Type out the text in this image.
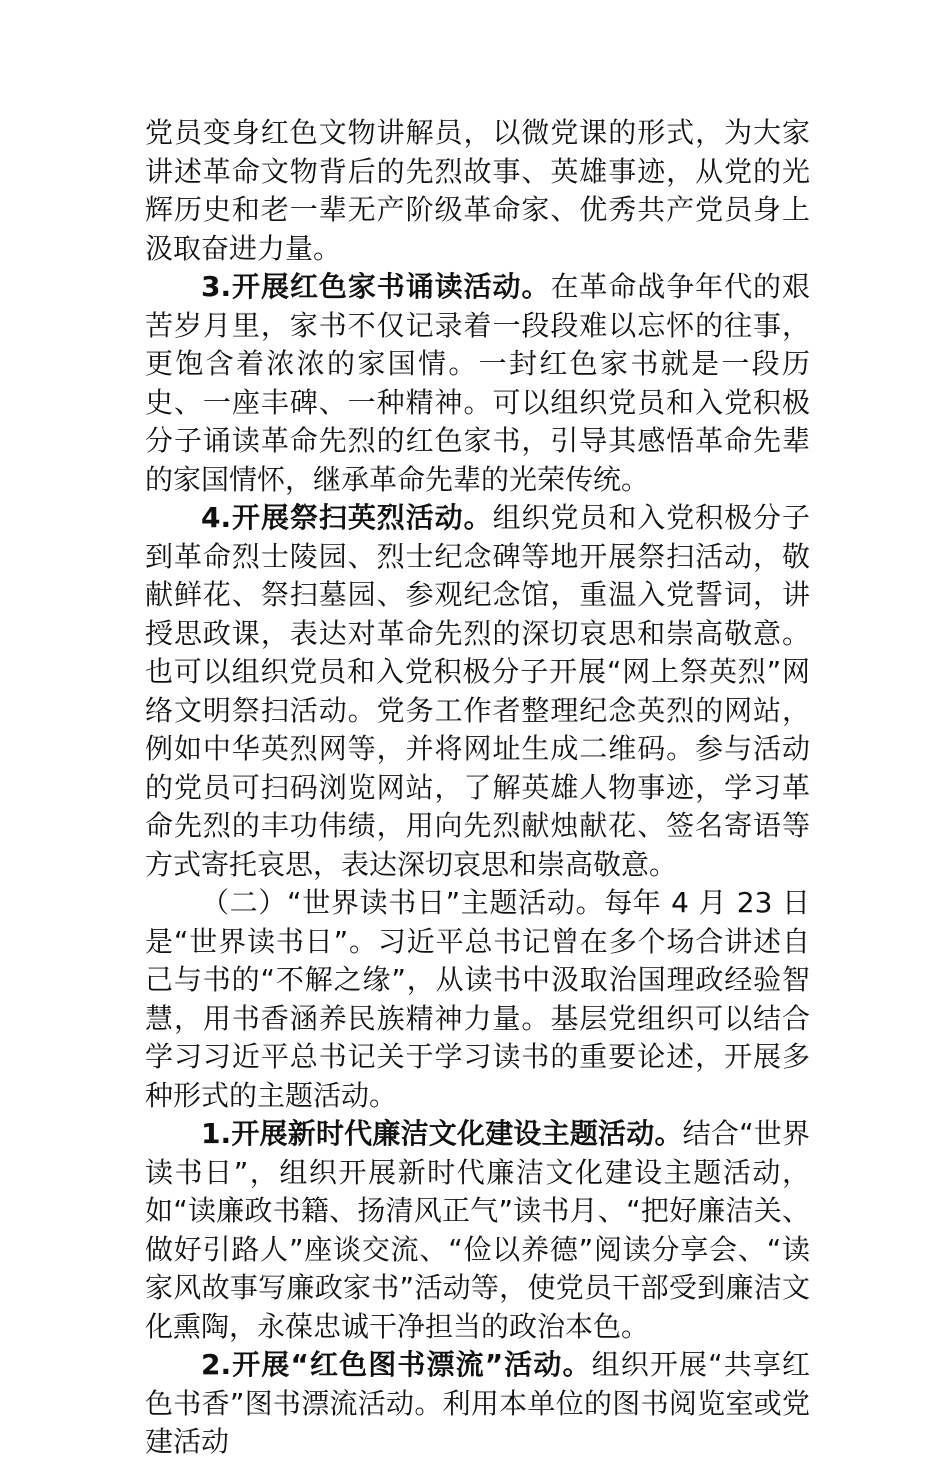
党员变身红色文物讲解员，以微党课的形式，为大家讲述革命文物背后的先烈故事、英雄事迹，从党的光辉历史和老一辈无产阶级革命家、优秀共产党员身上汲取奋进力量。

3.开展红色家书诵读活动。在革命战争年代的艰苦岁月里，家书不仅记录着一段段难以忘怀的往事，更饱含着浓浓的家国情。一封红色家书就是一段历史、一座丰碑、一种精神。可以组织党员和入党积极分子诵读革命先烈的红色家书，引导其感悟革命先辈的家国情怀，继承革命先辈的光荣传统。

4.开展祭扫英烈活动。组织党员和入党积极分子到革命烈士陵园、烈士纪念碑等地开展祭扫活动，敬献鲜花、祭扫墓园、参观纪念馆，重温入党誓词，讲授思政课，表达对革命先烈的深切哀思和崇高敬意。也可以组织党员和入党积极分子开展“网上祭英烈”网络文明祭扫活动。党务工作者整理纪念英烈的网站，例如中华英烈网等，并将网址生成二维码。参与活动的党员可扫码浏览网站，了解英雄人物事迹，学习革命先烈的丰功伟绩，用向先烈献烛献花、签名寄语等方式寄托哀思，表达深切哀思和崇高敬意。

（二）“世界读书日”主题活动。每年 4 月 23 日是“世界读书日”。习近平总书记曾在多个场合讲述自己与书的“不解之缘”，从读书中汲取治国理政经验智慧，用书香涵养民族精神力量。基层党组织可以结合学习习近平总书记关于学习读书的重要论述，开展多种形式的主题活动。

1.开展新时代廉洁文化建设主题活动。结合“世界读书日”，组织开展新时代廉洁文化建设主题活动，如“读廉政书籍、扬清风正气”读书月、“把好廉洁关、做好引路人”座谈交流、“俭以养德”阅读分享会、“读家风故事写廉政家书”活动等，使党员干部受到廉洁文化熏陶，永葆忠诚干净担当的政治本色。

2.开展“红色图书漂流”活动。组织开展“共享红色书香”图书漂流活动。利用本单位的图书阅览室或党建活动
